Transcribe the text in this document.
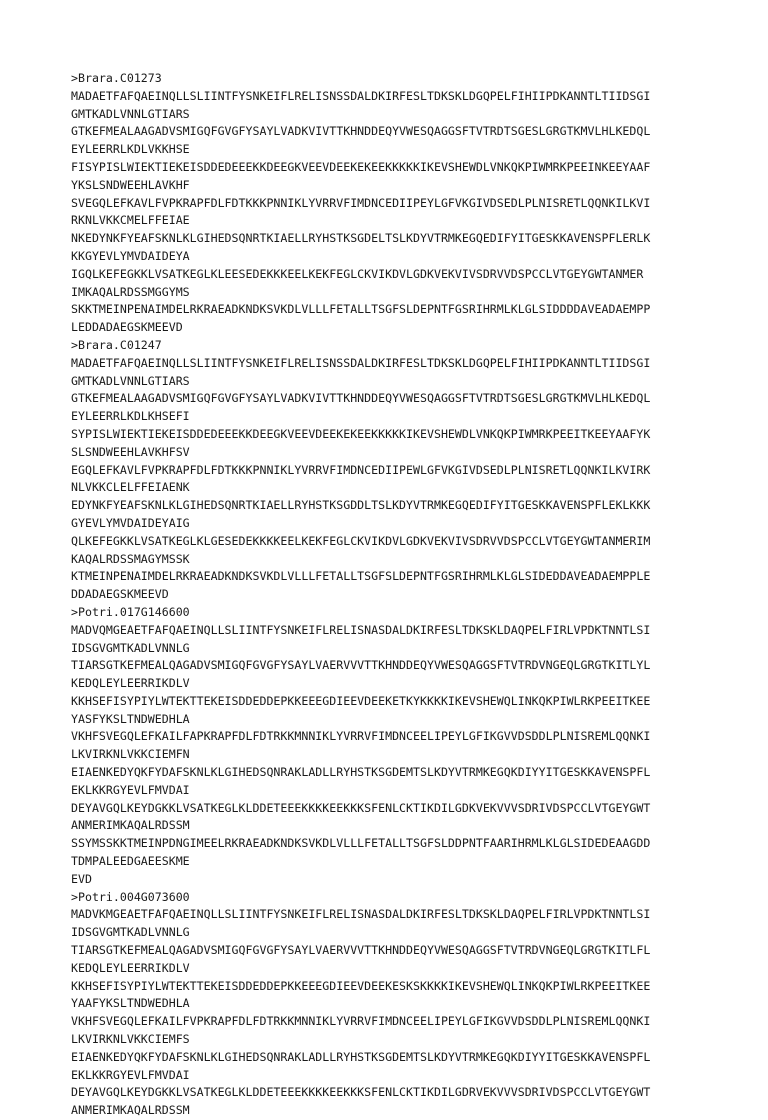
>Brara.C01273
MADAETFAFQAEINQLLSLIINTFYSNKEIFLRELISNSSDALDKIRFESLTDKSKLDGQPELFIHIIPDKANNTLTIIDSGI
GMTKADLVNNLGTIARS
GTKEFMEALAAGADVSMIGQFGVGFYSAYLVADKVIVTTKHNDDEQYVWESQAGGSFTVTRDTSGESLGRGTKMVLHLKEDQL
EYLEERRLKDLVKKHSE
FISYPISLWIEKTIEKEISDDEDEEEKKDEEGKVEEVDEEKEKEEKKKKKIKEVSHEWDLVNKQKPIWMRKPEEINKEEYAAF
YKSLSNDWEEHLAVKHF
SVEGQLEFKAVLFVPKRAPFDLFDTKKKPNNIKLYVRRVFIMDNCEDIIPEYLGFVKGIVDSEDLPLNISRETLQQNKILKVI
RKNLVKKCMELFFEIAE
NKEDYNKFYEAFSKNLKLGIHEDSQNRTKIAELLRYHSTKSGDELTSLKDYVTRMKEGQEDIFYITGESKKAVENSPFLERLK
KKGYEVLYMVDAIDEYA
IGQLKEFEGKKLVSATKEGLKLEESEDEKKKEELKEKFEGLCKVIKDVLGDKVEKVIVSDRVVDSPCCLVTGEYGWTANMER
IMKAQALRDSSMGGYMS
SKKTMEINPENAIMDELRKRAEADKNDKSVKDLVLLLFETALLTSGFSLDEPNTFGSRIHRMLKLGLSIDDDDAVEADAEMPP
LEDDADAEGSKMEEVD
>Brara.C01247
MADAETFAFQAEINQLLSLIINTFYSNKEIFLRELISNSSDALDKIRFESLTDKSKLDGQPELFIHIIPDKANNTLTIIDSGI
GMTKADLVNNLGTIARS
GTKEFMEALAAGADVSMIGQFGVGFYSAYLVADKVIVTTKHNDDEQYVWESQAGGSFTVTRDTSGESLGRGTKMVLHLKEDQL
EYLEERRLKDLKHSEFI
SYPISLWIEKTIEKEISDDEDEEEKKDEEGKVEEVDEEKEKEEKKKKKIKEVSHEWDLVNKQKPIWMRKPEEITKEEYAAFYK
SLSNDWEEHLAVKHFSV
EGQLEFKAVLFVPKRAPFDLFDTKKKPNNIKLYVRRVFIMDNCEDIIPEWLGFVKGIVDSEDLPLNISRETLQQNKILKVIRK
NLVKKCLELFFEIAENK
EDYNKFYEAFSKNLKLGIHEDSQNRTKIAELLRYHSTKSGDDLTSLKDYVTRMKEGQEDIFYITGESKKAVENSPFLEKLKKK
GYEVLYMVDAIDEYAIG
QLKEFEGKKLVSATKEGLKLGESEDEKKKKEELKEKFEGLCKVIKDVLGDKVEKVIVSDRVVDSPCCLVTGEYGWTANMERIM
KAQALRDSSMAGYMSSK
KTMEINPENAIMDELRKRAEADKNDKSVKDLVLLLFETALLTSGFSLDEPNTFGSRIHRMLKLGLSIDEDDAVEADAEMPPLE
DDADAEGSKMEEVD
>Potri.017G146600
MADVQMGEAETFAFQAEINQLLSLIINTFYSNKEIFLRELISNASDALDKIRFESLTDKSKLDAQPELFIRLVPDKTNNTLSI
IDSGVGMTKADLVNNLG
TIARSGTKEFMEALQAGADVSMIGQFGVGFYSAYLVAERVVVTTKHNDDEQYVWESQAGGSFTVTRDVNGEQLGRGTKITLYL
KEDQLEYLEERRIKDLV
KKHSEFISYPIYLWTEKTTEKEISDDEDDEPKKEEEGDIEEVDEEKETKYKKKKIKEVSHEWQLINKQKPIWLRKPEEITKEE
YASFYKSLTNDWEDHLA
VKHFSVEGQLEFKAILFAPKRAPFDLFDTRKKMNNIKLYVRRVFIMDNCEELIPEYLGFIKGVVDSDDLPLNISREMLQQNKI
LKVIRKNLVKKCIEMFN
EIAENKEDYQKFYDAFSKNLKLGIHEDSQNRAKLADLLRYHSTKSGDEMTSLKDYVTRMKEGQKDIYYITGESKKAVENSPFL
EKLKKRGYEVLFMVDAI
DEYAVGQLKEYDGKKLVSATKEGLKLDDETEEEKKKKEEKKKSFENLCKTIKDILGDKVEKVVVSDRIVDSPCCLVTGEYGWT
ANMERIMKAQALRDSSM
SSYMSSKKTMEINPDNGIMEELRKRAEADKNDKSVKDLVLLLFETALLTSGFSLDDPNTFAARIHRMLKLGLSIDEDEAAGDD
TDMPALEEDGAEESKME
EVD
>Potri.004G073600
MADVKMGEAETFAFQAEINQLLSLIINTFYSNKEIFLRELISNASDALDKIRFESLTDKSKLDAQPELFIRLVPDKTNNTLSI
IDSGVGMTKADLVNNLG
TIARSGTKEFMEALQAGADVSMIGQFGVGFYSAYLVAERVVVTTKHNDDEQYVWESQAGGSFTVTRDVNGEQLGRGTKITLFL
KEDQLEYLEERRIKDLV
KKHSEFISYPIYLWTEKTTEKEISDDEDDEPKKEEEGDIEEVDEEKESKSKKKKIKEVSHEWQLINKQKPIWLRKPEEITKEE
YAAFYKSLTNDWEDHLA
VKHFSVEGQLEFKAILFVPKRAPFDLFDTRKKMNNIKLYVRRVFIMDNCEELIPEYLGFIKGVVDSDDLPLNISREMLQQNKI
LKVIRKNLVKKCIEMFS
EIAENKEDYQKFYDAFSKNLKLGIHEDSQNRAKLADLLRYHSTKSGDEMTSLKDYVTRMKEGQKDIYYITGESKKAVENSPFL
EKLKKRGYEVLFMVDAI
DEYAVGQLKEYDGKKLVSATKEGLKLDDETEEEKKKKEEKKKSFENLCKTIKDILGDRVEKVVVSDRIVDSPCCLVTGEYGWT
ANMERIMKAQALRDSSM
